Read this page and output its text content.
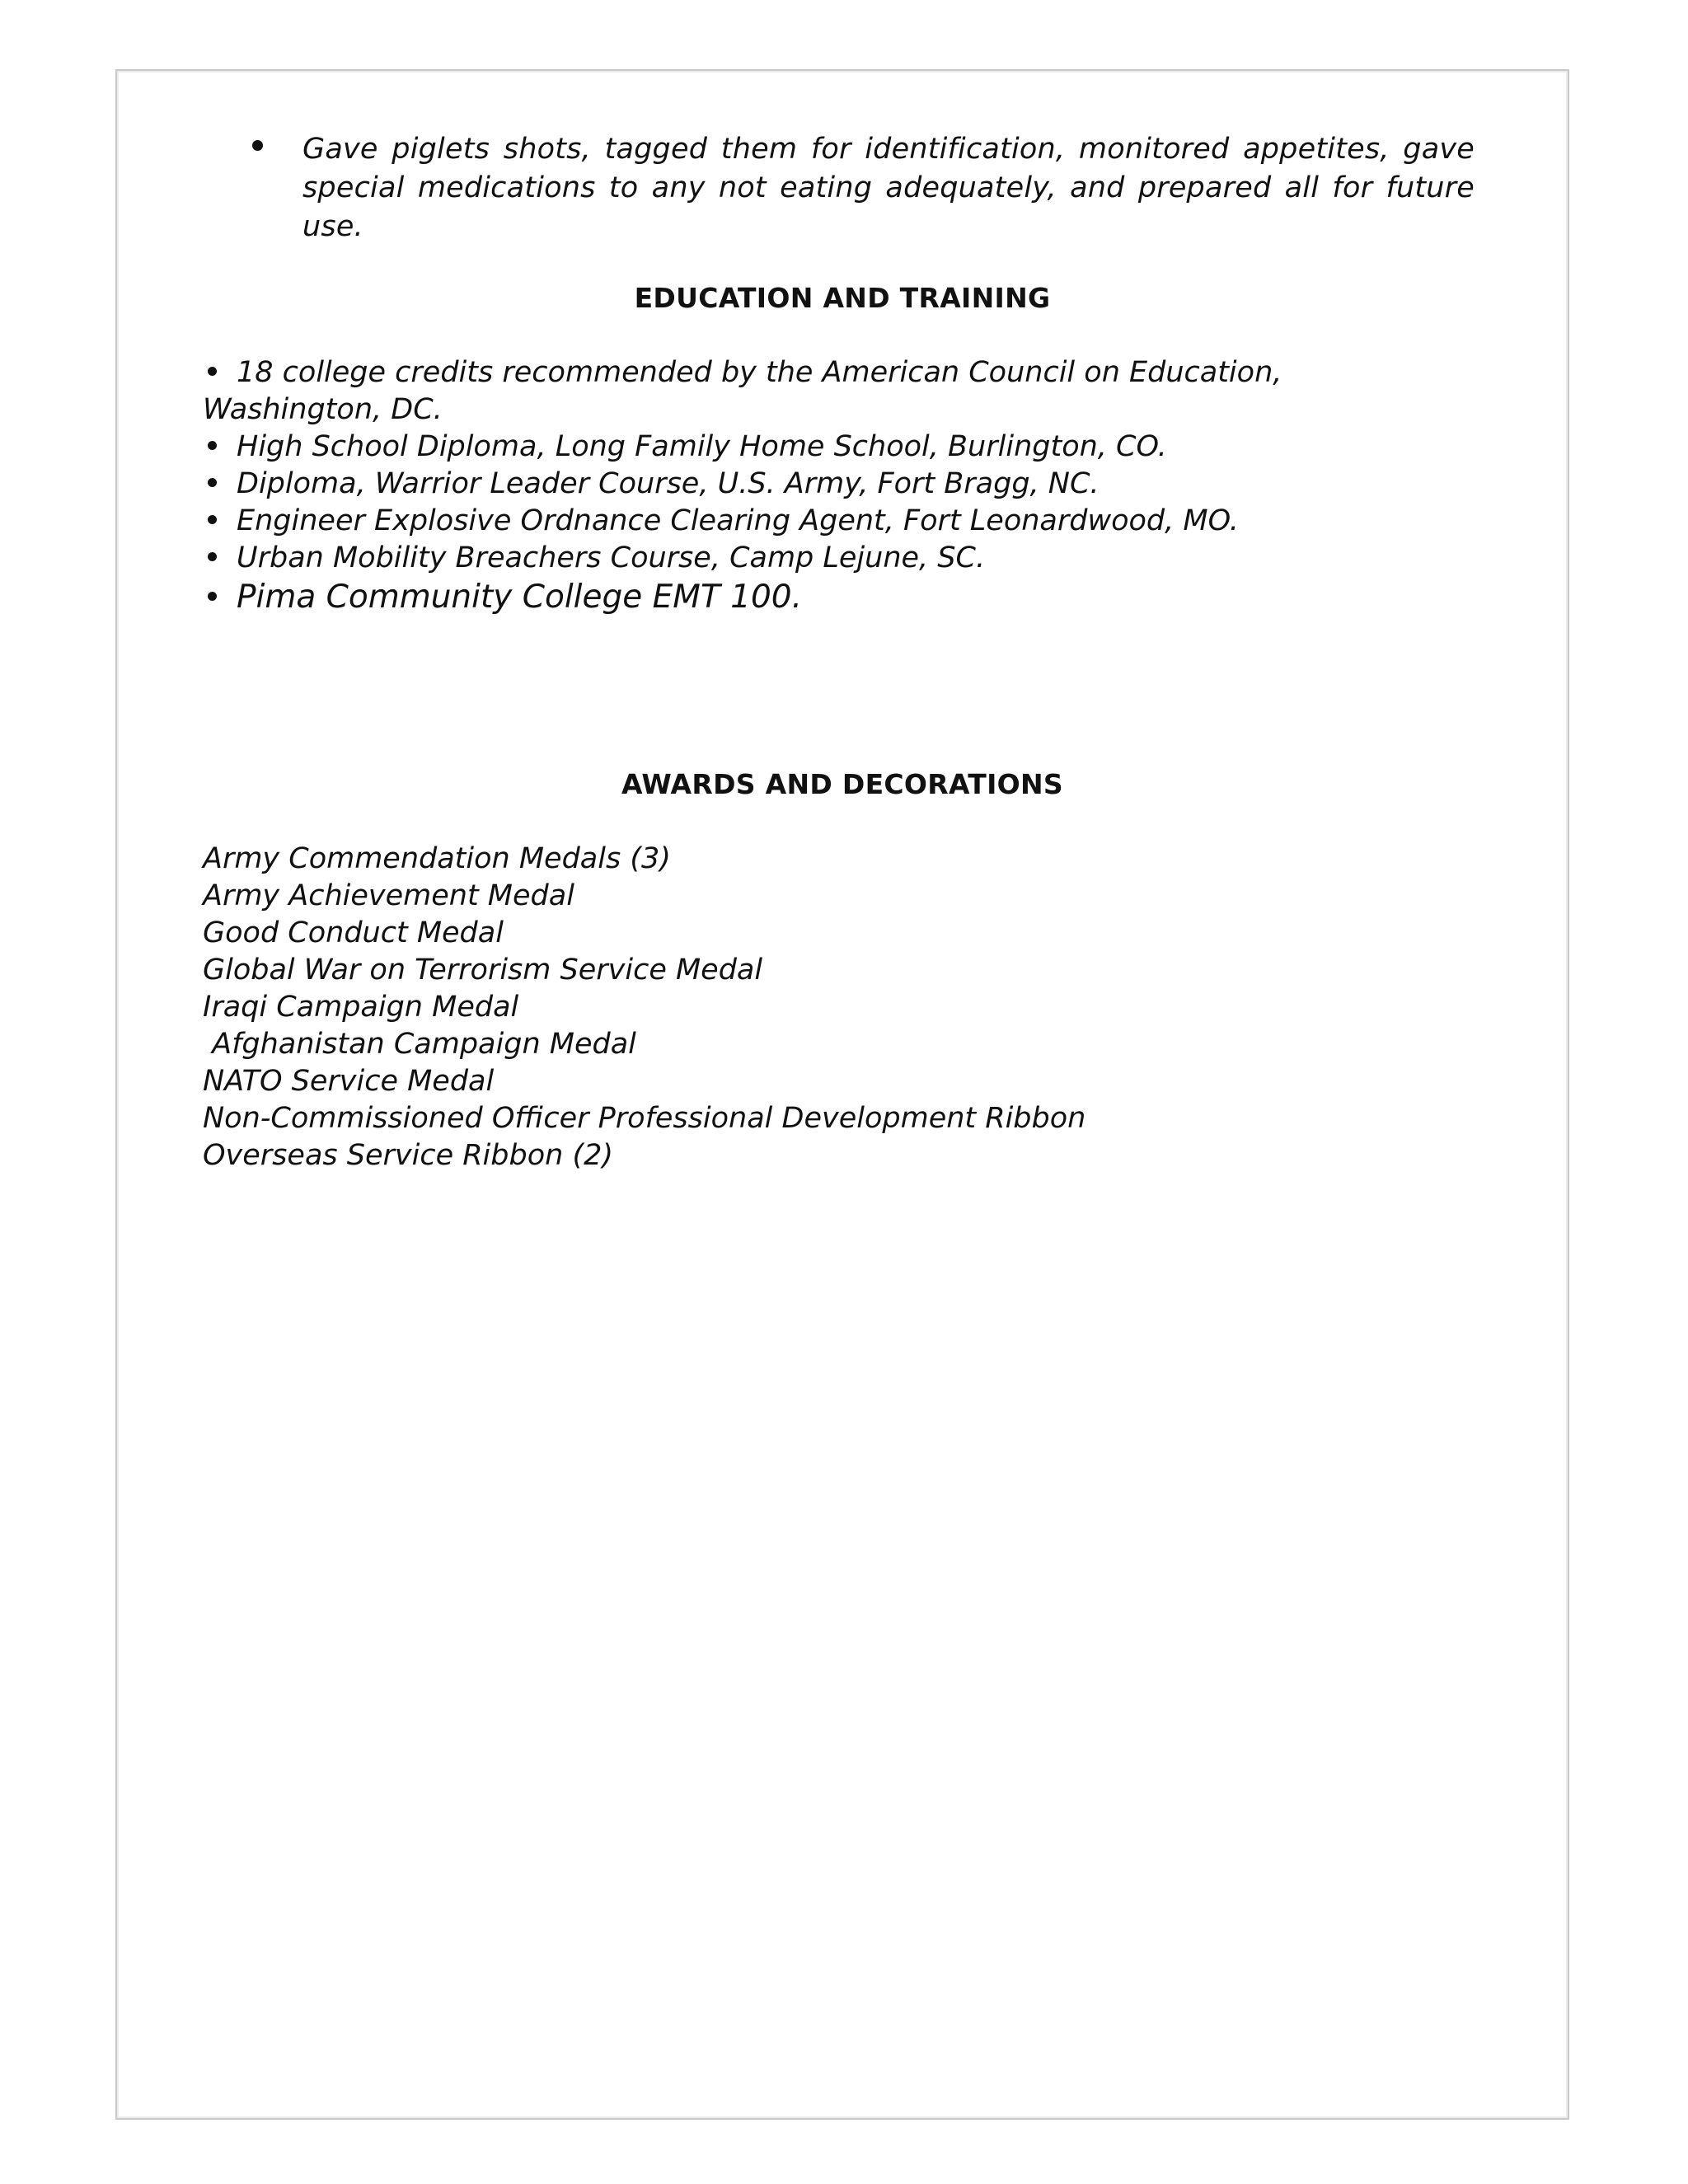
Gave piglets shots, tagged them for identification, monitored appetites, gave special medications to any not eating adequately, and prepared all for future use.
EDUCATION AND TRAINING
18 college credits recommended by the American Council on Education,
Washington, DC.
High School Diploma, Long Family Home School, Burlington, CO.
Diploma, Warrior Leader Course, U.S. Army, Fort Bragg, NC.
Engineer Explosive Ordnance Clearing Agent, Fort Leonardwood, MO.
Urban Mobility Breachers Course, Camp Lejune, SC.
Pima Community College EMT 100.
AWARDS AND DECORATIONS
Army Commendation Medals (3)
Army Achievement Medal
Good Conduct Medal
Global War on Terrorism Service Medal
Iraqi Campaign Medal
Afghanistan Campaign Medal
NATO Service Medal
Non-Commissioned Officer Professional Development Ribbon
Overseas Service Ribbon (2)
